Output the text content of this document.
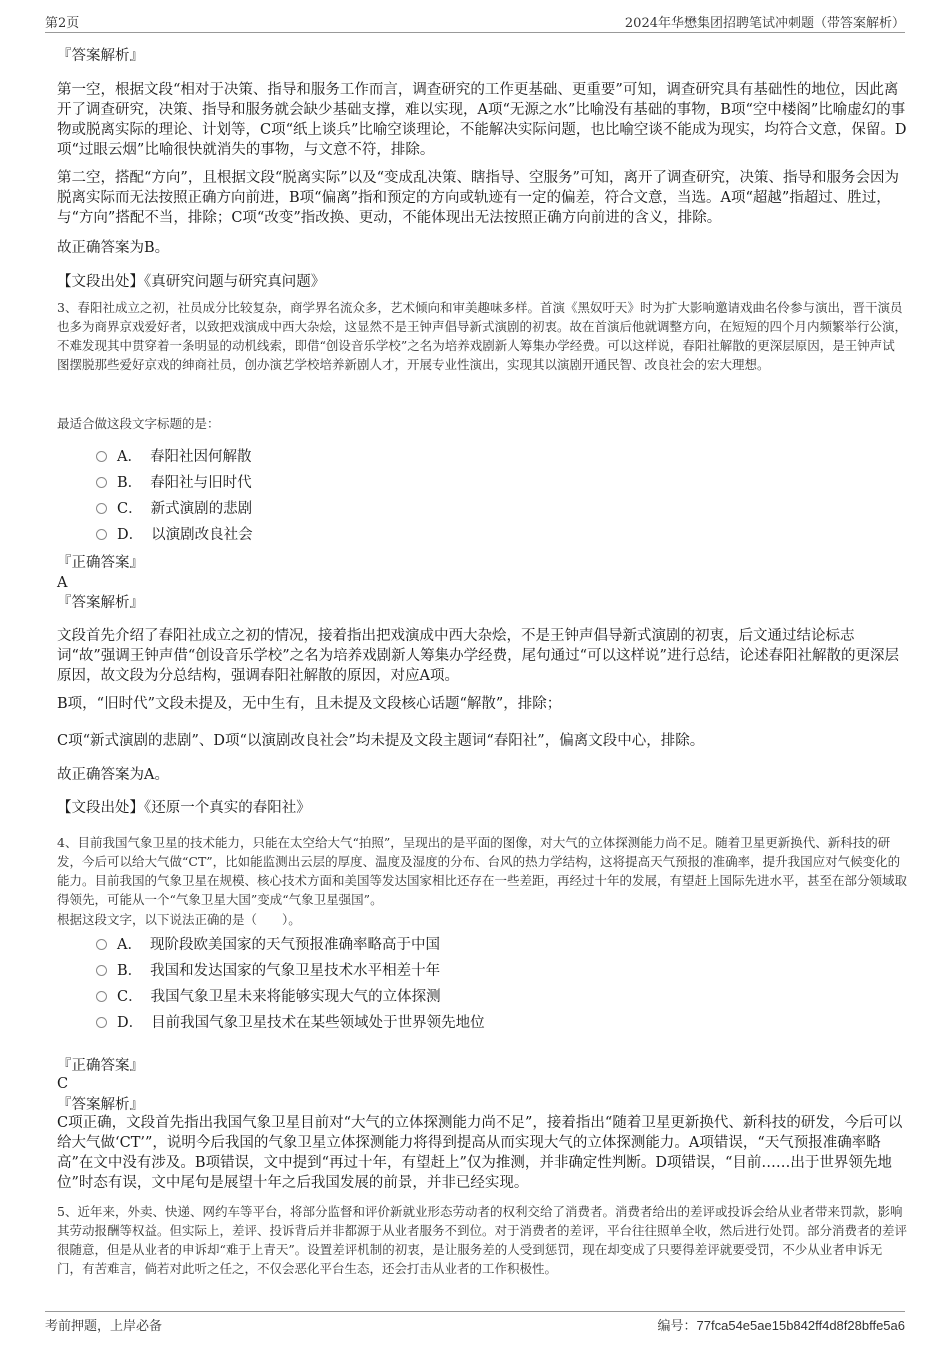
第2页	2024年华懋集团招聘笔试冲刺题（带答案解析）
『答案解析』

第一空，根据文段“相对于决策、指导和服务工作而言，调查研究的工作更基础、更重要”可知，调查研究具有基础性的地位，因此离开了调查研究，决策、指导和服务就会缺少基础支撑，难以实现，A项“无源之水”比喻没有基础的事物，B项“空中楼阁”比喻虚幻的事物或脱离实际的理论、计划等，C项“纸上谈兵”比喻空谈理论，不能解决实际问题，也比喻空谈不能成为现实，均符合文意，保留。D项“过眼云烟”比喻很快就消失的事物，与文意不符，排除。

第二空，搭配“方向”，且根据文段“脱离实际”以及“变成乱决策、瞎指导、空服务”可知，离开了调查研究，决策、指导和服务会因为脱离实际而无法按照正确方向前进，B项“偏离”指和预定的方向或轨迹有一定的偏差，符合文意，当选。A项“超越”指超过、胜过，与“方向”搭配不当，排除；C项“改变”指改换、更动，不能体现出无法按照正确方向前进的含义，排除。

故正确答案为B。
【文段出处】《真研究问题与研究真问题》

3、春阳社成立之初，社员成分比较复杂，商学界名流众多，艺术倾向和审美趣味多样。首演《黑奴吁天》时为扩大影响邀请戏曲名伶参与演出，晋干演员也多为商界京戏爱好者，以致把戏演成中西大杂烩，这显然不是王钟声倡导新式演剧的初衷。故在首演后他就调整方向，在短短的四个月内频繁举行公演，不难发现其中贯穿着一条明显的动机线索，即借“创设音乐学校”之名为培养戏剧新人筹集办学经费。可以这样说，春阳社解散的更深层原因，是王钟声试图摆脱那些爱好京戏的绅商社员，创办演艺学校培养新剧人才，开展专业性演出，实现其以演剧开通民智、改良社会的宏大理想。

最适合做这段文字标题的是：
A． 春阳社因何解散
B． 春阳社与旧时代
C． 新式演剧的悲剧
D． 以演剧改良社会
『正确答案』
A
『答案解析』

文段首先介绍了春阳社成立之初的情况，接着指出把戏演成中西大杂烩，不是王钟声倡导新式演剧的初衷，后文通过结论标志词“故”强调王钟声借“创设音乐学校”之名为培养戏剧新人筹集办学经费，尾句通过“可以这样说”进行总结，论述春阳社解散的更深层原因，故文段为分总结构，强调春阳社解散的原因，对应A项。

B项，“旧时代”文段未提及，无中生有，且未提及文段核心话题“解散”，排除；

C项“新式演剧的悲剧”、D项“以演剧改良社会”均未提及文段主题词“春阳社”，偏离文段中心，排除。

故正确答案为A。
【文段出处】《还原一个真实的春阳社》

4、目前我国气象卫星的技术能力，只能在太空给大气“拍照”，呈现出的是平面的图像，对大气的立体探测能力尚不足。随着卫星更新换代、新科技的研发，今后可以给大气做“CT”，比如能监测出云层的厚度、温度及湿度的分布、台风的热力学结构，这将提高天气预报的准确率，提升我国应对气候变化的能力。目前我国的气象卫星在规模、核心技术方面和美国等发达国家相比还存在一些差距，再经过十年的发展，有望赶上国际先进水平，甚至在部分领域取得领先，可能从一个“气象卫星大国”变成“气象卫星强国”。

根据这段文字，以下说法正确的是（　　）。
A． 现阶段欧美国家的天气预报准确率略高于中国
B． 我国和发达国家的气象卫星技术水平相差十年
C． 我国气象卫星未来将能够实现大气的立体探测
D． 目前我国气象卫星技术在某些领域处于世界领先地位
『正确答案』
C
『答案解析』

C项正确，文段首先指出我国气象卫星目前对“大气的立体探测能力尚不足”，接着指出“随着卫星更新换代、新科技的研发，今后可以给大气做‘CT’”，说明今后我国的气象卫星立体探测能力将得到提高从而实现大气的立体探测能力。A项错误，“天气预报准确率略高”在文中没有涉及。B项错误，文中提到“再过十年，有望赶上”仅为推测，并非确定性判断。D项错误，“目前……出于世界领先地位”时态有误，文中尾句是展望十年之后我国发展的前景，并非已经实现。

5、近年来，外卖、快递、网约车等平台，将部分监督和评价新就业形态劳动者的权利交给了消费者。消费者给出的差评或投诉会给从业者带来罚款，影响其劳动报酬等权益。但实际上，差评、投诉背后并非都源于从业者服务不到位。对于消费者的差评，平台往往照单全收，然后进行处罚。部分消费者的差评很随意，但是从业者的申诉却“难于上青天”。设置差评机制的初衷，是让服务差的人受到惩罚，现在却变成了只要得差评就要受罚，不少从业者申诉无门，有苦难言，倘若对此听之任之，不仅会恶化平台生态，还会打击从业者的工作积极性。

考前押题，上岸必备	编号：77fca54e5ae15b842ff4d8f28bffe5a6
